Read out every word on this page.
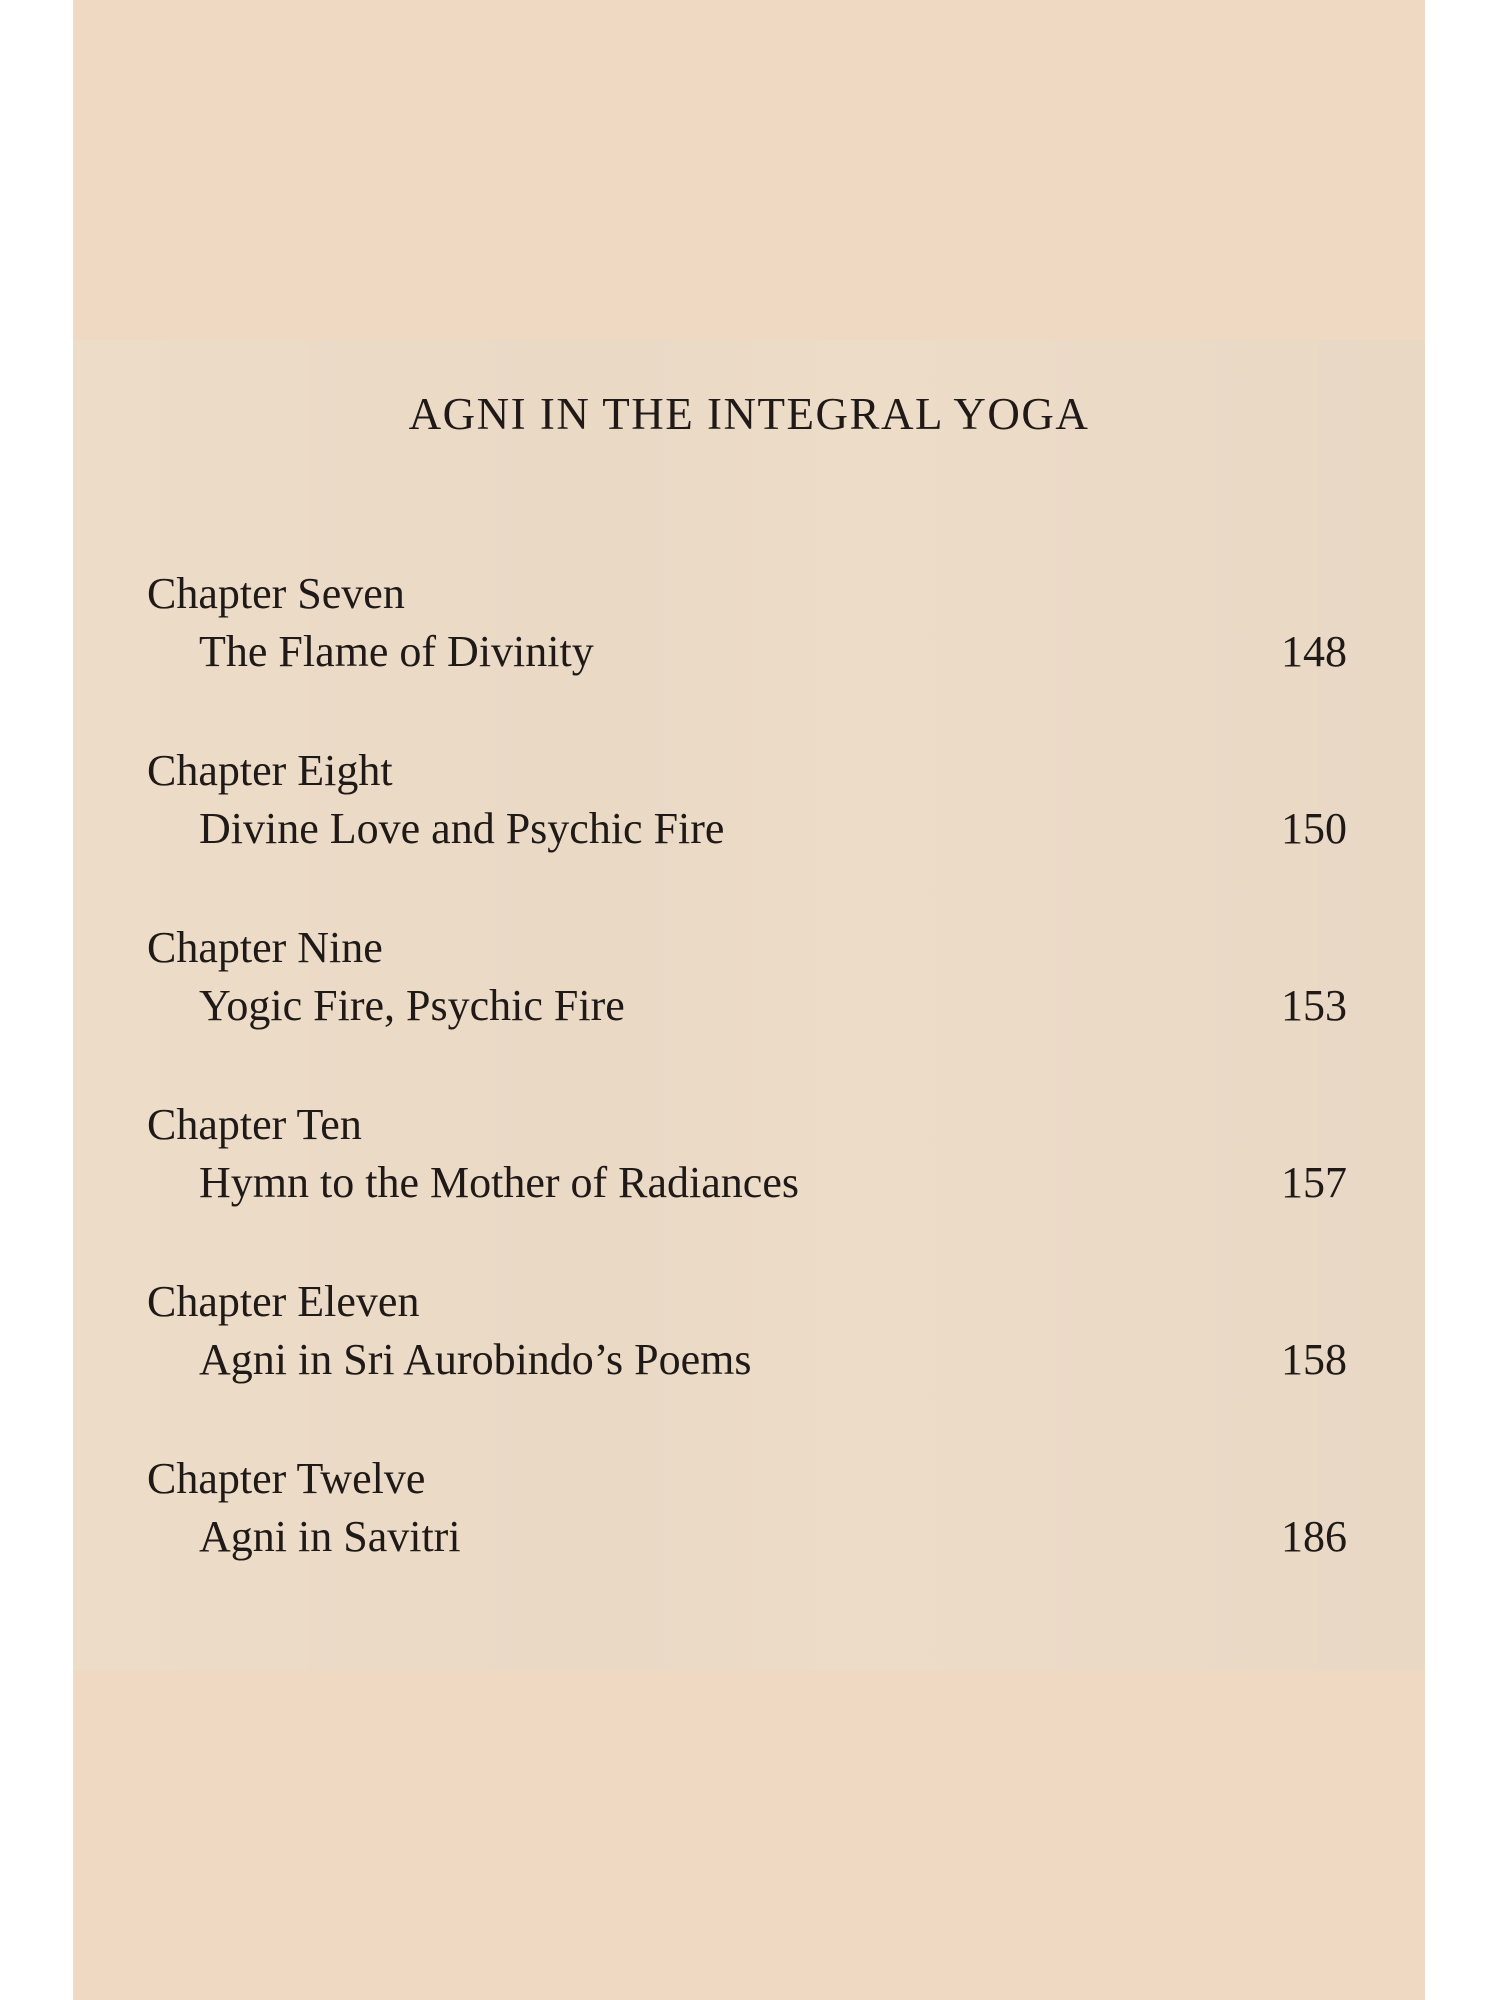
AGNI IN THE INTEGRAL YOGA
Chapter Seven
The Flame of Divinity	148
Chapter Eight
Divine Love and Psychic Fire	150
Chapter Nine
Yogic Fire, Psychic Fire	153
Chapter Ten
Hymn to the Mother of Radiances	157
Chapter Eleven
Agni in Sri Aurobindo’s Poems	158
Chapter Twelve
Agni in Savitri	186
